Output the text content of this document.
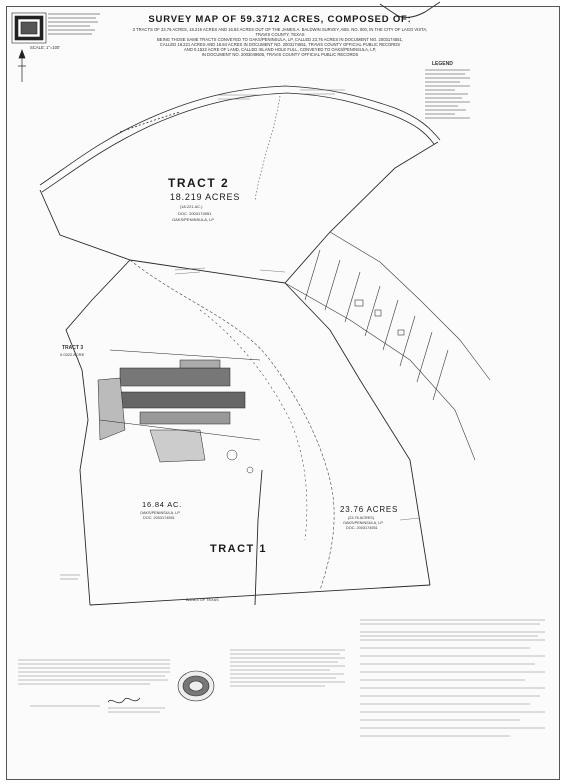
SURVEY MAP OF 59.3712 ACRES, COMPOSED OF:
3 TRACTS OF 23.76 ACRES, 18.219 ACRES AND 16.84 ACRES OUT OF THE JAMES A. BALDWIN SURVEY, ABS. NO. 000, IN THE CITY OF LAGO VISTA, TRAVIS COUNTY, TEXAS
BEING THOSE SAME TRACTS CONVEYED TO OAKS/PENINSULA, LP, CALLED 23.76 ACRES IN DOCUMENT NO. 2003174551,
CALLED 18.221 ACRES AND 16.84 ACRES IN DOCUMENT NO. 2003174551, TRAVIS COUNTY OFFICIAL PUBLIC RECORDS
AND 0.1522 ACRE OF LAND, CALLED ISLAND HOLE FULL, CONVEYED TO OAKS/PENINSULA, LP,
IN DOCUMENT NO. 2003049605, TRAVIS COUNTY OFFICIAL PUBLIC RECORDS
SCALE: 1"=100'
LEGEND
TRACT 2
18.219 ACRES
(18.221 AC.)
DOC. 2003174551
OAKS/PENINSULA, LP
TRACT 3
0.0322 ACRE
16.84 AC.
OAKS/PENINSULA, LP
DOC. 2003174551
23.76 ACRES
(23.76 ACRES)
OAKS/PENINSULA, LP
DOC. 2003174551
TRACT 1
BANKS OF TEXAS
